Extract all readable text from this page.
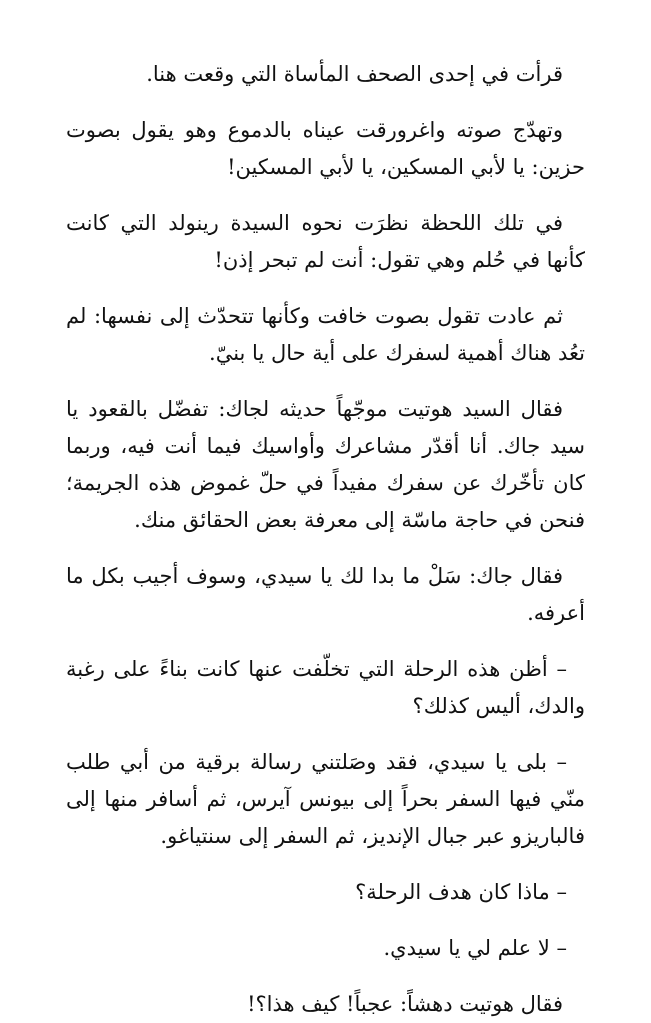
قرأت في إحدى الصحف المأساة التي وقعت هنا.

وتهدّج صوته واغرورقت عيناه بالدموع وهو يقول بصوت حزين: يا لأبي المسكين، يا لأبي المسكين!

في تلك اللحظة نظرَت نحوه السيدة رينولد التي كانت كأنها في حُلم وهي تقول: أنت لم تبحر إذن!

ثم عادت تقول بصوت خافت وكأنها تتحدّث إلى نفسها: لم تعُد هناك أهمية لسفرك على أية حال يا بنيّ.

فقال السيد هوتيت موجّهاً حديثه لجاك: تفضّل بالقعود يا سيد جاك. أنا أقدّر مشاعرك وأواسيك فيما أنت فيه، وربما كان تأخّرك عن سفرك مفيداً في حلّ غموض هذه الجريمة؛ فنحن في حاجة ماسّة إلى معرفة بعض الحقائق منك.

فقال جاك: سَلْ ما بدا لك يا سيدي، وسوف أجيب بكل ما أعرفه.

– أظن هذه الرحلة التي تخلّفت عنها كانت بناءً على رغبة والدك، أليس كذلك؟

– بلى يا سيدي، فقد وصَلتني رسالة برقية من أبي طلب منّي فيها السفر بحراً إلى بيونس آيرس، ثم أسافر منها إلى فالباريزو عبر جبال الإنديز، ثم السفر إلى سنتياغو.

– ماذا كان هدف الرحلة؟

– لا علم لي يا سيدي.

فقال هوتيت دهشاً: عجباً! كيف هذا؟!
